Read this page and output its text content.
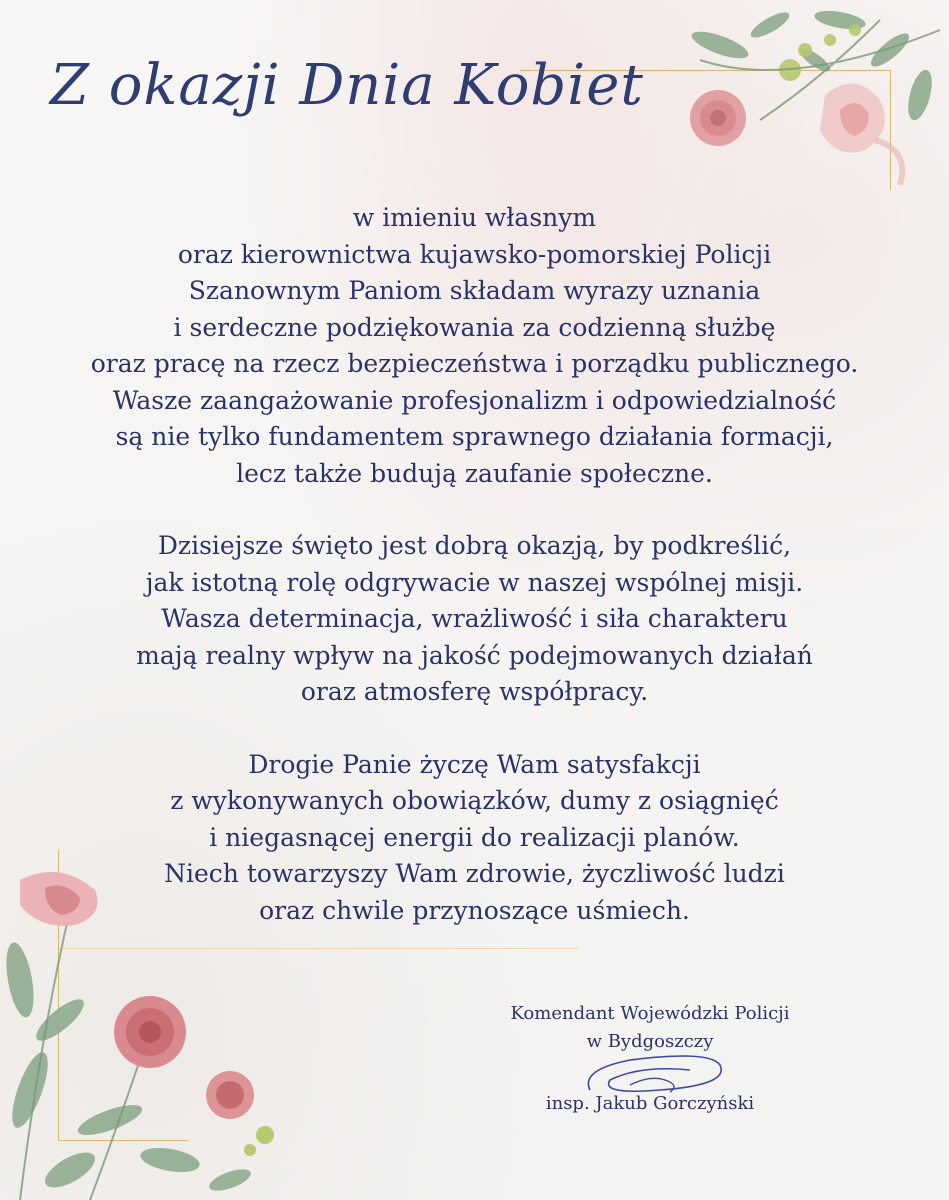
Z okazji Dnia Kobiet

w imieniu własnym
oraz kierownictwa kujawsko-pomorskiej Policji
Szanownym Paniom składam wyrazy uznania
i serdeczne podziękowania za codzienną służbę
oraz pracę na rzecz bezpieczeństwa i porządku publicznego.
Wasze zaangażowanie profesjonalizm i odpowiedzialność
są nie tylko fundamentem sprawnego działania formacji,
lecz także budują zaufanie społeczne.

Dzisiejsze święto jest dobrą okazją, by podkreślić,
jak istotną rolę odgrywacie w naszej wspólnej misji.
Wasza determinacja, wrażliwość i siła charakteru
mają realny wpływ na jakość podejmowanych działań
oraz atmosferę współpracy.

Drogie Panie życzę Wam satysfakcji
z wykonywanych obowiązków, dumy z osiągnięć
i niegasnącej energii do realizacji planów.
Niech towarzyszy Wam zdrowie, życzliwość ludzi
oraz chwile przynoszące uśmiech.

Komendant Wojewódzki Policji
w Bydgoszczy
insp. Jakub Gorczyński
